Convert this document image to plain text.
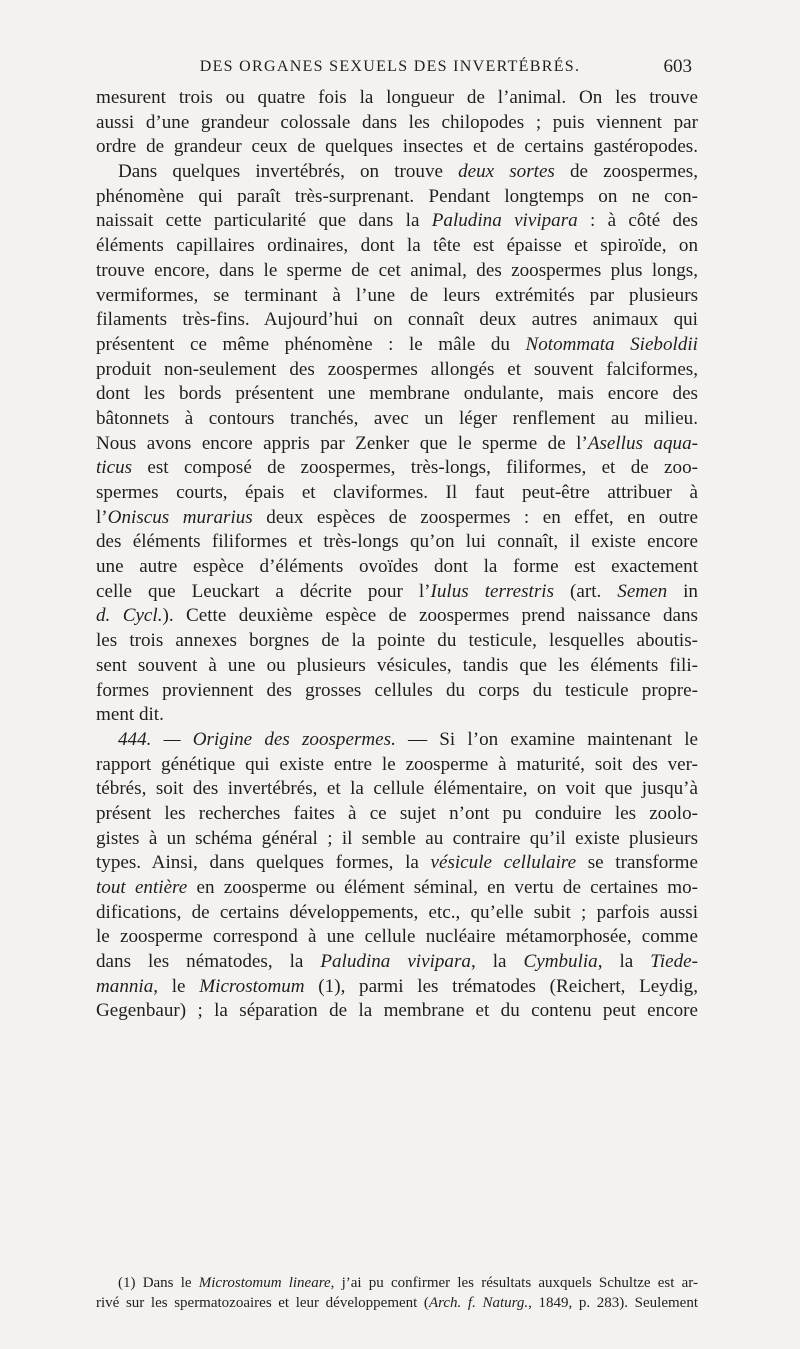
DES ORGANES SEXUELS DES INVERTÉBRÉS.	603
mesurent trois ou quatre fois la longueur de l’animal. On les trouve
aussi d’une grandeur colossale dans les chilopodes ; puis viennent par
ordre de grandeur ceux de quelques insectes et de certains gastéropodes.
Dans quelques invertébrés, on trouve deux sortes de zoospermes,
phénomène qui paraît très-surprenant. Pendant longtemps on ne con-
naissait cette particularité que dans la Paludina vivipara : à côté des
éléments capillaires ordinaires, dont la tête est épaisse et spiroïde, on
trouve encore, dans le sperme de cet animal, des zoospermes plus longs,
vermiformes, se terminant à l’une de leurs extrémités par plusieurs
filaments très-fins. Aujourd’hui on connaît deux autres animaux qui
présentent ce même phénomène : le mâle du Notommata Sieboldii
produit non-seulement des zoospermes allongés et souvent falciformes,
dont les bords présentent une membrane ondulante, mais encore des
bâtonnets à contours tranchés, avec un léger renflement au milieu.
Nous avons encore appris par Zenker que le sperme de l’Asellus aqua-
ticus est composé de zoospermes, très-longs, filiformes, et de zoo-
spermes courts, épais et claviformes. Il faut peut-être attribuer à
l’Oniscus murarius deux espèces de zoospermes : en effet, en outre
des éléments filiformes et très-longs qu’on lui connaît, il existe encore
une autre espèce d’éléments ovoïdes dont la forme est exactement
celle que Leuckart a décrite pour l’Iulus terrestris (art. Semen in
d. Cycl.). Cette deuxième espèce de zoospermes prend naissance dans
les trois annexes borgnes de la pointe du testicule, lesquelles aboutis-
sent souvent à une ou plusieurs vésicules, tandis que les éléments fili-
formes proviennent des grosses cellules du corps du testicule propre-
ment dit.
444. — Origine des zoospermes. — Si l’on examine maintenant le
rapport génétique qui existe entre le zoosperme à maturité, soit des ver-
tébrés, soit des invertébrés, et la cellule élémentaire, on voit que jusqu’à
présent les recherches faites à ce sujet n’ont pu conduire les zoolo-
gistes à un schéma général ; il semble au contraire qu’il existe plusieurs
types. Ainsi, dans quelques formes, la vésicule cellulaire se transforme
tout entière en zoosperme ou élément séminal, en vertu de certaines mo-
difications, de certains développements, etc., qu’elle subit ; parfois aussi
le zoosperme correspond à une cellule nucléaire métamorphosée, comme
dans les nématodes, la Paludina vivipara, la Cymbulia, la Tiede-
mannia, le Microstomum (1), parmi les trématodes (Reichert, Leydig,
Gegenbaur) ; la séparation de la membrane et du contenu peut encore
(1) Dans le Microstomum lineare, j’ai pu confirmer les résultats auxquels Schultze est ar-
rivé sur les spermatozoaires et leur développement (Arch. f. Naturg., 1849, p. 283). Seulement
